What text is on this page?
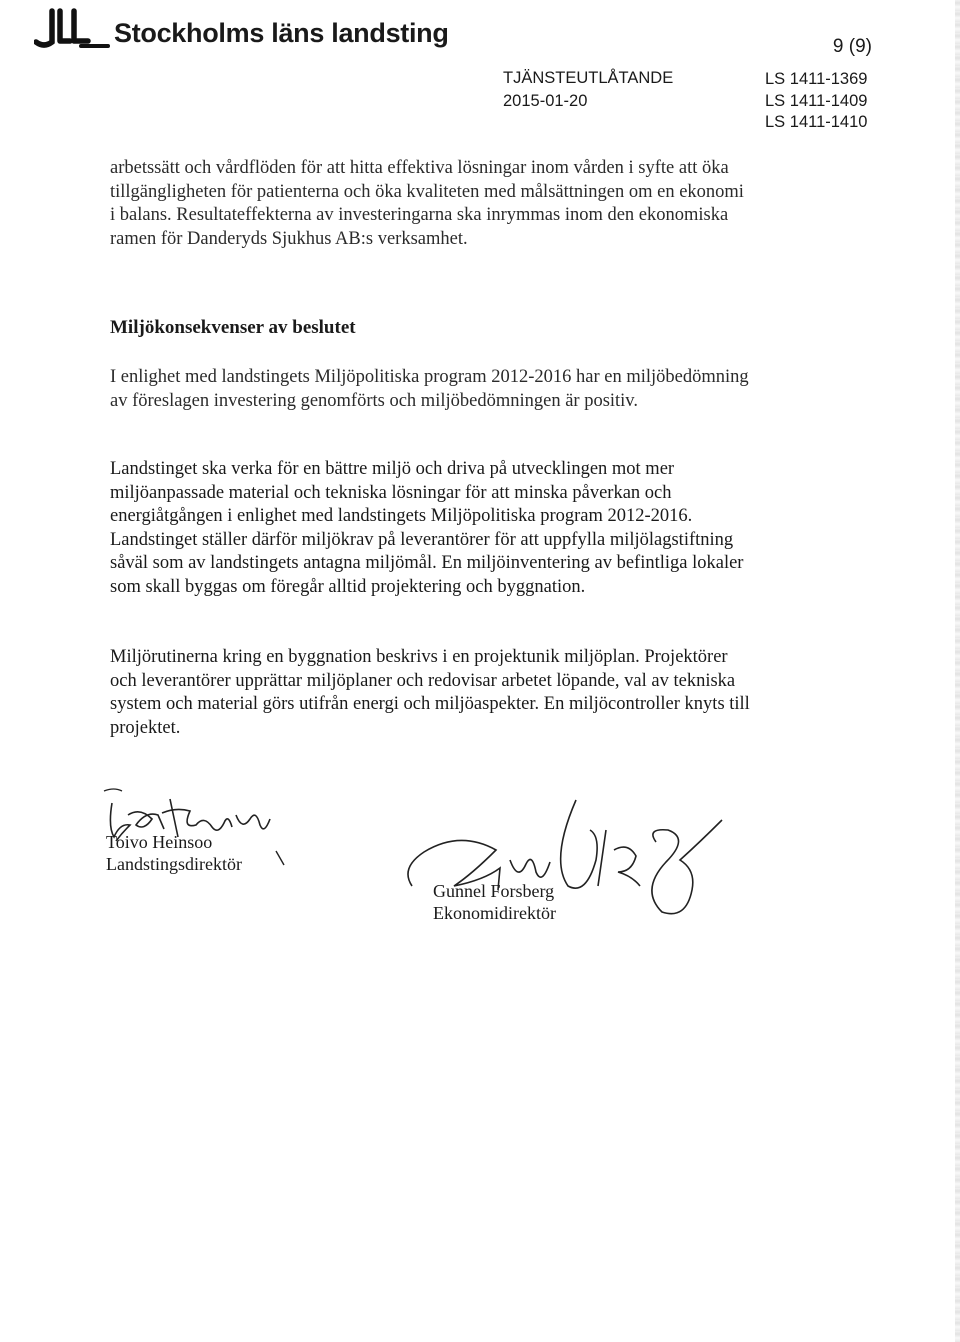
Stockholms läns landsting	9 (9)
TJÄNSTEUTLÅTANDE
2015-01-20
LS 1411-1369
LS 1411-1409
LS 1411-1410

arbetssätt och vårdflöden för att hitta effektiva lösningar inom vården i syfte att öka tillgängligheten för patienterna och öka kvaliteten med målsättningen om en ekonomi i balans. Resultateffekterna av investeringarna ska inrymmas inom den ekonomiska ramen för Danderyds Sjukhus AB:s verksamhet.

Miljökonsekvenser av beslutet

I enlighet med landstingets Miljöpolitiska program 2012-2016 har en miljöbedömning av föreslagen investering genomförts och miljöbedömningen är positiv.

Landstinget ska verka för en bättre miljö och driva på utvecklingen mot mer miljöanpassade material och tekniska lösningar för att minska påverkan och energiåtgången i enlighet med landstingets Miljöpolitiska program 2012-2016. Landstinget ställer därför miljökrav på leverantörer för att uppfylla miljölagstiftning såväl som av landstingets antagna miljömål. En miljöinventering av befintliga lokaler som skall byggas om föregår alltid projektering och byggnation.

Miljörutinerna kring en byggnation beskrivs i en projektunik miljöplan. Projektörer och leverantörer upprättar miljöplaner och redovisar arbetet löpande, val av tekniska system och material görs utifrån energi och miljöaspekter. En miljöcontroller knyts till projektet.

Toivo Heinsoo
Landstingsdirektör
Gunnel Forsberg
Ekonomidirektör
